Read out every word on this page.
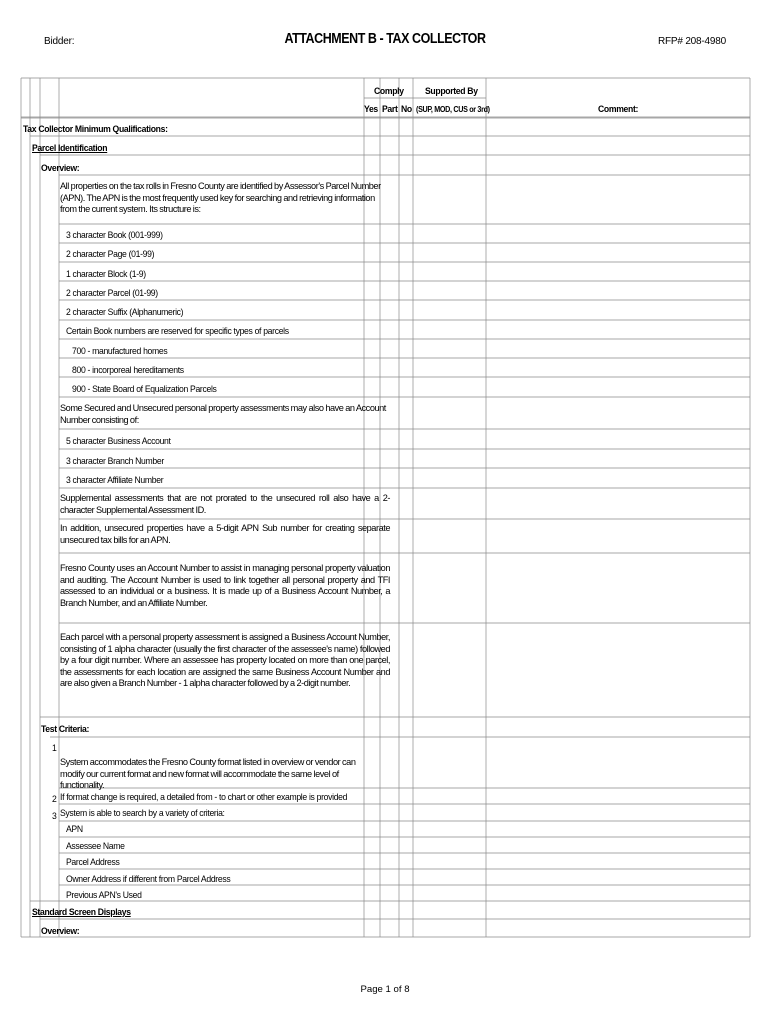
Bidder:	ATTACHMENT B - TAX COLLECTOR	RFP# 208-4980
Comply Supported By
Yes Part No (SUP, MOD, CUS or 3rd)	Comment:
Tax Collector Minimum Qualifications:
Parcel Identification
Overview:
All properties on the tax rolls in Fresno County are identified by Assessor's Parcel Number (APN). The APN is the most frequently used key for searching and retrieving information from the current system. Its structure is:
3 character Book (001-999)
2 character Page (01-99)
1 character Block (1-9)
2 character Parcel (01-99)
2 character Suffix (Alphanumeric)
Certain Book numbers are reserved for specific types of parcels
700 - manufactured homes
800 - incorporeal hereditaments
900 - State Board of Equalization Parcels
Some Secured and Unsecured personal property assessments may also have an Account Number consisting of:
5 character Business Account
3 character Branch Number
3 character Affiliate Number
Supplemental assessments that are not prorated to the unsecured roll also have a 2-character Supplemental Assessment ID.
In addition, unsecured properties have a 5-digit APN Sub number for creating separate unsecured tax bills for an APN.
Fresno County uses an Account Number to assist in managing personal property valuation and auditing. The Account Number is used to link together all personal property and TFI assessed to an individual or a business. It is made up of a Business Account Number, a Branch Number, and an Affiliate Number.
Each parcel with a personal property assessment is assigned a Business Account Number, consisting of 1 alpha character (usually the first character of the assessee's name) followed by a four digit number. Where an assessee has property located on more than one parcel, the assessments for each location are assigned the same Business Account Number and are also given a Branch Number - 1 alpha character followed by a 2-digit number.
Test Criteria:
1
System accommodates the Fresno County format listed in overview or vendor can modify our current format and new format will accommodate the same level of functionality.
2 If format change is required, a detailed from - to chart or other example is provided
3 System is able to search by a variety of criteria:
APN
Assessee Name
Parcel Address
Owner Address if different from Parcel Address
Previous APN's Used
Standard Screen Displays
Overview:
Page 1 of 8
